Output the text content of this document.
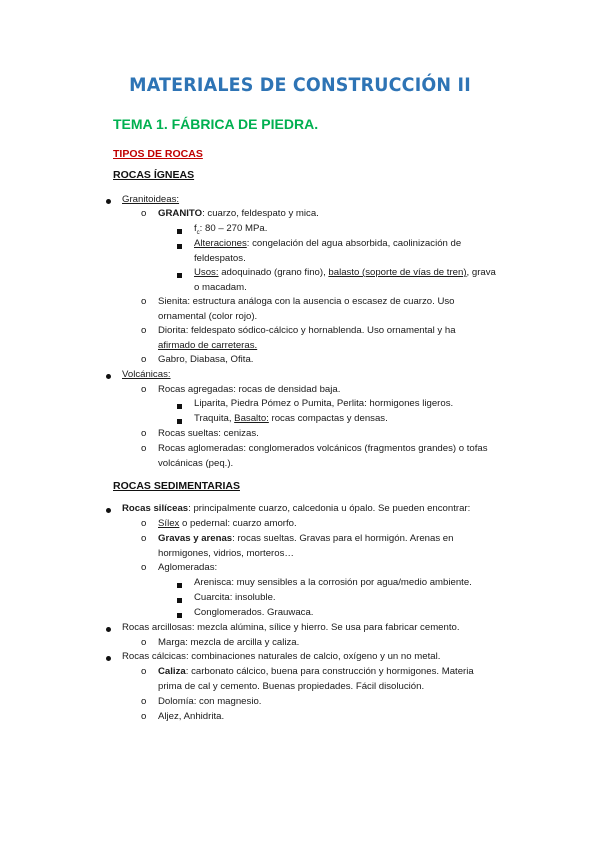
MATERIALES DE CONSTRUCCIÓN II
TEMA 1. FÁBRICA DE PIEDRA.
TIPOS DE ROCAS
ROCAS ÍGNEAS
Granitoideas:
o GRANITO: cuarzo, feldespato y mica.
$f_c$: 80 – 270 MPa.
Alteraciones: congelación del agua absorbida, caolinización de
feldespatos.
Usos: adoquinado (grano fino), balasto (soporte de vías de tren), grava
o macadam.
o Sienita: estructura análoga con la ausencia o escasez de cuarzo. Uso
ornamental (color rojo).
o Diorita: feldespato sódico-cálcico y hornablenda. Uso ornamental y ha
afirmado de carreteras.
o Gabro, Diabasa, Ofita.
Volcánicas:
o Rocas agregadas: rocas de densidad baja.
Liparita, Piedra Pómez o Pumita, Perlita: hormigones ligeros.
Traquita, Basalto: rocas compactas y densas.
o Rocas sueltas: cenizas.
o Rocas aglomeradas: conglomerados volcánicos (fragmentos grandes) o tofas
volcánicas (peq.).
ROCAS SEDIMENTARIAS
Rocas silíceas: principalmente cuarzo, calcedonia u ópalo. Se pueden encontrar:
o Sílex o pedernal: cuarzo amorfo.
o Gravas y arenas: rocas sueltas. Gravas para el hormigón. Arenas en
hormigones, vidrios, morteros…
o Aglomeradas:
Arenisca: muy sensibles a la corrosión por agua/medio ambiente.
Cuarcita: insoluble.
Conglomerados. Grauwaca.
Rocas arcillosas: mezcla alúmina, sílice y hierro. Se usa para fabricar cemento.
o Marga: mezcla de arcilla y caliza.
Rocas cálcicas: combinaciones naturales de calcio, oxígeno y un no metal.
o Caliza: carbonato cálcico, buena para construcción y hormigones. Materia
prima de cal y cemento. Buenas propiedades. Fácil disolución.
o Dolomía: con magnesio.
o Aljez, Anhidrita.
